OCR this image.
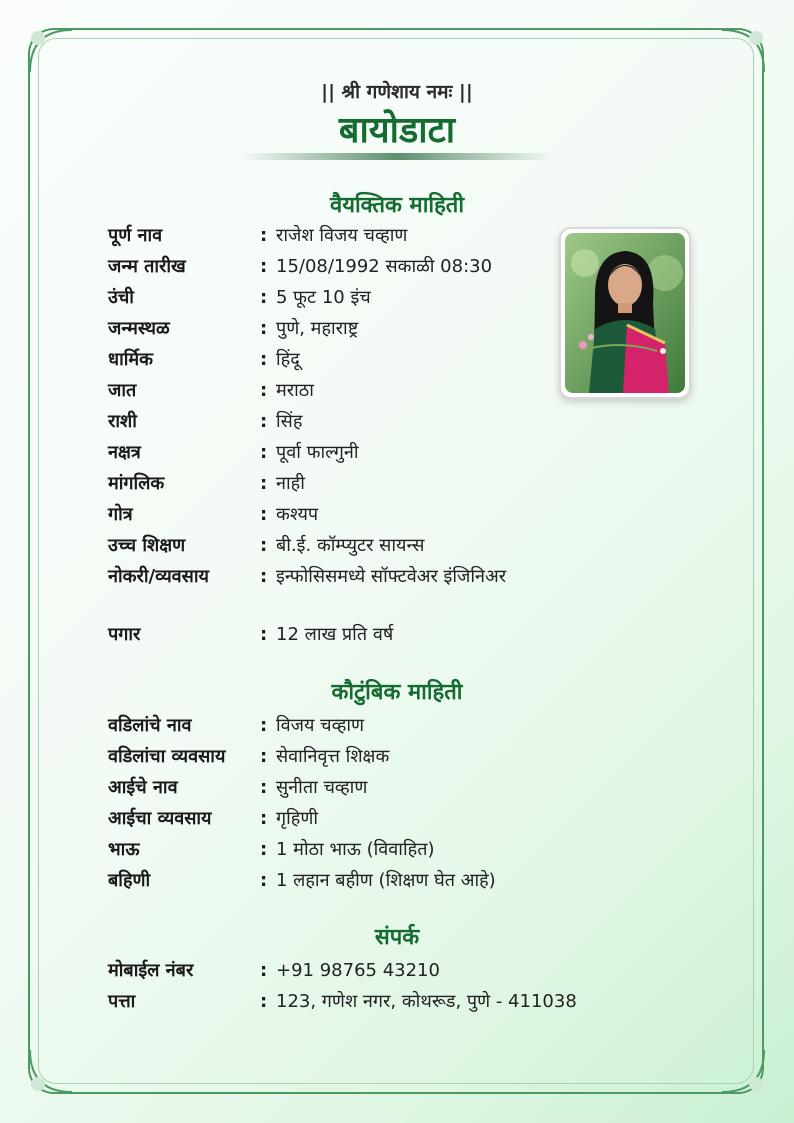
|| श्री गणेशाय नमः ||
बायोडाटा
वैयक्तिक माहिती
पूर्ण नाव	: राजेश विजय चव्हाण
जन्म तारीख	: 15/08/1992 सकाळी 08:30
उंची	: 5 फूट 10 इंच
जन्मस्थळ	: पुणे, महाराष्ट्र
धार्मिक	: हिंदू
जात	: मराठा
राशी	: सिंह
नक्षत्र	: पूर्वा फाल्गुनी
मांगलिक	: नाही
गोत्र	: कश्यप
उच्च शिक्षण	: बी.ई. कॉम्प्युटर सायन्स
नोकरी/व्यवसाय	: इन्फोसिसमध्ये सॉफ्टवेअर इंजिनिअर
पगार	: 12 लाख प्रति वर्ष
कौटुंबिक माहिती
वडिलांचे नाव	: विजय चव्हाण
वडिलांचा व्यवसाय	: सेवानिवृत्त शिक्षक
आईचे नाव	: सुनीता चव्हाण
आईचा व्यवसाय	: गृहिणी
भाऊ	: 1 मोठा भाऊ (विवाहित)
बहिणी	: 1 लहान बहीण (शिक्षण घेत आहे)
संपर्क
मोबाईल नंबर	: +91 98765 43210
पत्ता	: 123, गणेश नगर, कोथरूड, पुणे - 411038
